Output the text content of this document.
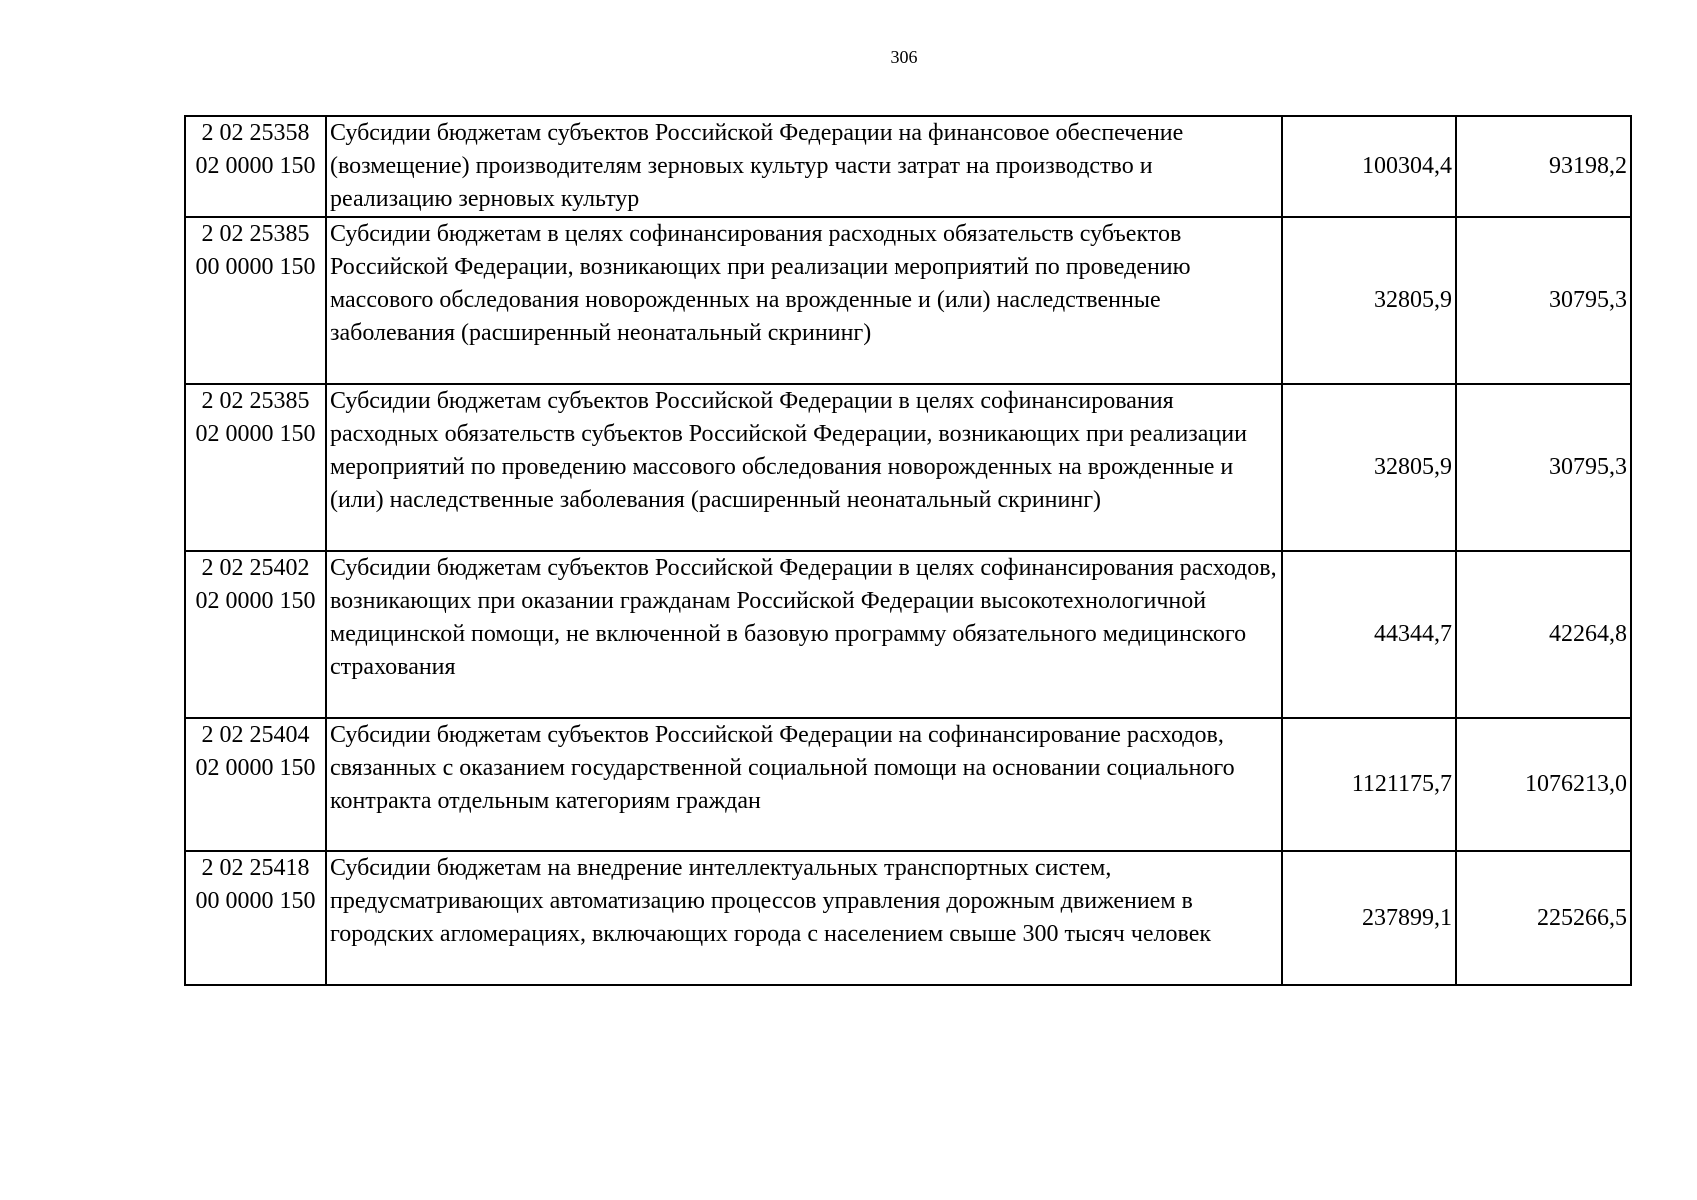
306
2 02 25358
02 0000 150	Субсидии бюджетам субъектов Российской Федерации на финансовое обеспечение (возмещение) производителям зерновых культур части затрат на производство и реализацию зерновых культур	100304,4	93198,2

2 02 25385
00 0000 150	Субсидии бюджетам в целях софинансирования расходных обязательств субъектов Российской Федерации, возникающих при реализации мероприятий по проведению массового обследования новорожденных на врожденные и (или) наследственные заболевания (расширенный неонатальный скрининг)	32805,9	30795,3

2 02 25385
02 0000 150	Субсидии бюджетам субъектов Российской Федерации в целях софинансирования расходных обязательств субъектов Российской Федерации, возникающих при реализации мероприятий по проведению массового обследования новорожденных на врожденные и (или) наследственные заболевания (расширенный неонатальный скрининг)	32805,9	30795,3

2 02 25402
02 0000 150	Субсидии бюджетам субъектов Российской Федерации в целях софинансирования расходов, возникающих при оказании гражданам Российской Федерации высокотехнологичной медицинской помощи, не включенной в базовую программу обязательного медицинского страхования	44344,7	42264,8

2 02 25404
02 0000 150	Субсидии бюджетам субъектов Российской Федерации на софинансирование расходов, связанных с оказанием государственной социальной помощи на основании социального контракта отдельным категориям граждан	1121175,7	1076213,0

2 02 25418
00 0000 150	Субсидии бюджетам на внедрение интеллектуальных транспортных систем, предусматривающих автоматизацию процессов управления дорожным движением в городских агломерациях, включающих города с населением свыше 300 тысяч человек	237899,1	225266,5
